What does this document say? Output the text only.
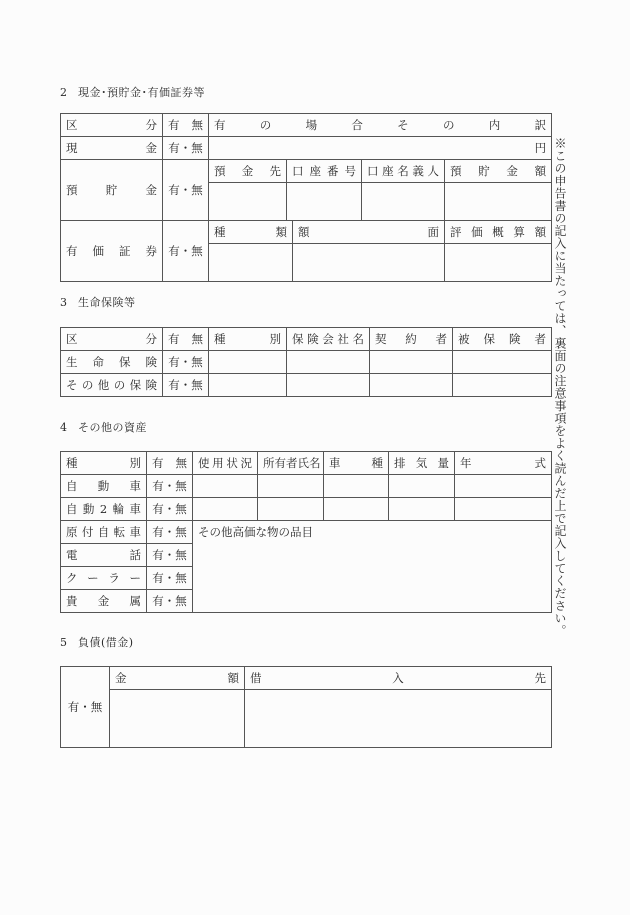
2 現金･預貯金･有価証券等
区分	有無	有の場合その内訳				
現金	有・無	円				
預貯金	有・無	預金先	口座番号		口座名義人	預貯金額

有価証券	有・無	種類		額面		評価概算額

3 生命保険等
区分	有無	種別	保険会社名	契約者	被保険者
生命保険	有・無				
その他の保険	有・無				
4 その他の資産
種別	有無	使用状況	所有者氏名	車種	排気量	年式
自動車	有・無					
自動2輪車	有・無					
原付自転車	有・無	その他高価な物の品目				
電話	有・無					
クーラー	有・無					
貴金属	有・無					
5 負債(借金)
有・無	金額	借入先

※この申告書の記入に当たっては、裏面の注意事項をよく読んだ上で記入してください。
